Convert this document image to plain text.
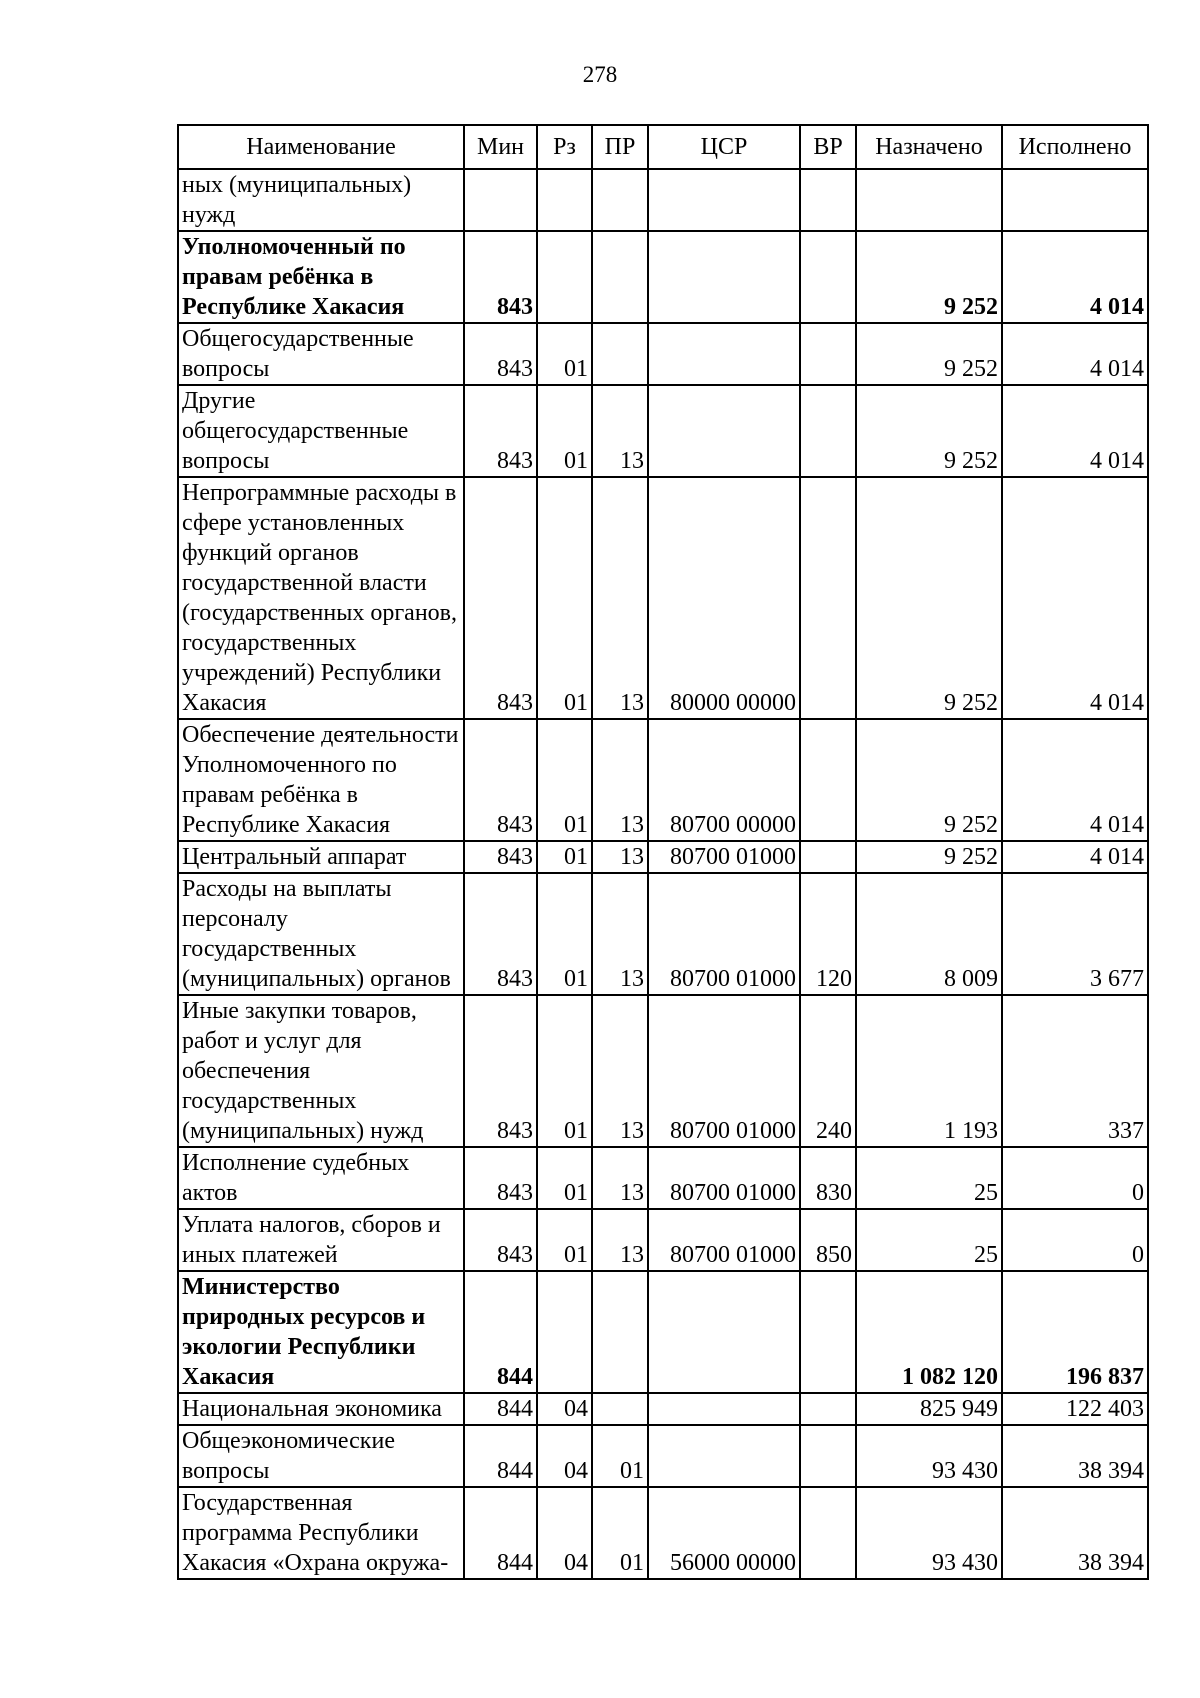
278
Наименование	Мин	Рз	ПР	ЦСР	ВР	Назначено	Исполнено
ных (муниципальных) нужд							
Уполномоченный по правам ребёнка в Республике Хакасия	843					9 252	4 014
Общегосударственные вопросы	843	01				9 252	4 014
Другие общегосударственные вопросы	843	01	13			9 252	4 014
Непрограммные расходы в сфере установленных функций органов государственной власти (государственных органов, государственных учреждений) Республики Хакасия	843	01	13	80000 00000		9 252	4 014
Обеспечение деятельности Уполномоченного по правам ребёнка в Республике Хакасия	843	01	13	80700 00000		9 252	4 014
Центральный аппарат	843	01	13	80700 01000		9 252	4 014
Расходы на выплаты персоналу государственных (муниципальных) органов	843	01	13	80700 01000	120	8 009	3 677
Иные закупки товаров, работ и услуг для обеспечения государственных (муниципальных) нужд	843	01	13	80700 01000	240	1 193	337
Исполнение судебных актов	843	01	13	80700 01000	830	25	0
Уплата налогов, сборов и иных платежей	843	01	13	80700 01000	850	25	0
Министерство природных ресурсов и экологии Республики Хакасия	844					1 082 120	196 837
Национальная экономика	844	04				825 949	122 403
Общеэкономические вопросы	844	04	01			93 430	38 394
Государственная программа Республики Хакасия «Охрана окружа-	844	04	01	56000 00000		93 430	38 394
